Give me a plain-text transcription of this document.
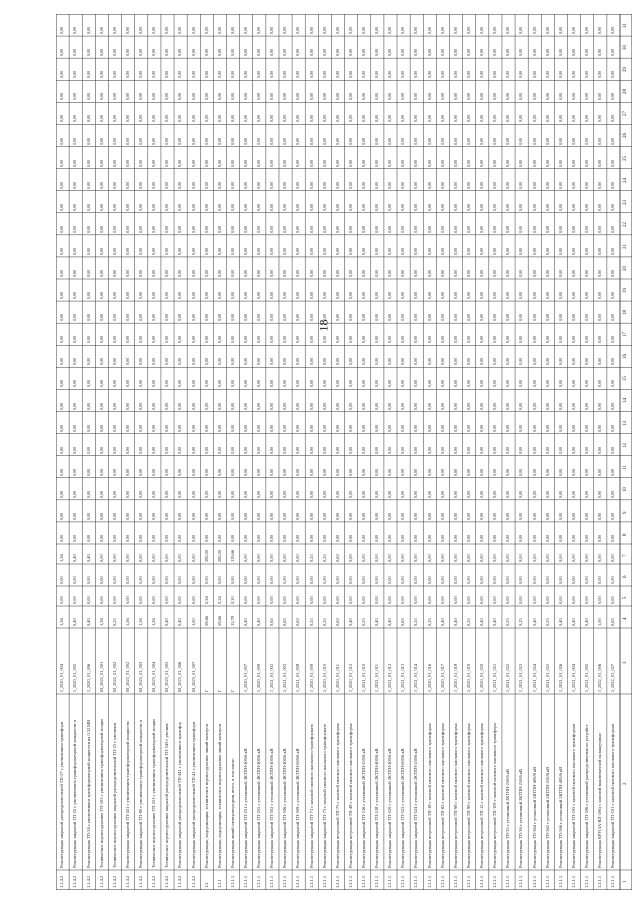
18
1
2
3
4
5
6
7
8
9
10
11
12
13
14
15
16
17
18
19
20
21
22
23
24
25
26
27
28
29
30
31
1.1.4.2
Реконструкция закрытой распределительной ТП-57 с увеличением трансформ
J_2020_01_004
1,26
0,00
0,00
1,26
0,00
0,00
0,00
0,00
0,00
0,00
0,00
0,00
0,00
0,00
0,00
0,00
0,00
0,00
0,00
0,00
0,00
0,00
0,00
0,00
0,00
0,00
0,00
0,00
1.1.4.2
Реконструкция закрытой ТП-22 с увеличением трансформаторной мощности н
J_2020_01_005
0,40
0,00
0,00
0,40
0,00
0,00
0,00
0,00
0,00
0,00
0,00
0,00
0,00
0,00
0,00
0,00
0,00
0,00
0,00
0,00
0,00
0,00
0,00
0,00
0,00
0,00
0,00
0,00
1.1.4.2
Реконструкция ТП-34 с увеличением трансформаторной мощности на 0,32 МВ
J_2020_01_006
0,40
0,00
0,00
0,40
0,00
0,00
0,00
0,00
0,00
0,00
0,00
0,00
0,00
0,00
0,00
0,00
0,00
0,00
0,00
0,00
0,00
0,00
0,00
0,00
0,00
0,00
0,00
0,00
1.1.4.2
Техническое перевооружение ТП-103 с увеличением трансформаторной мощно
M_2022_01_001
1,26
0,00
0,00
0,00
0,00
0,00
0,00
0,00
0,00
0,00
0,00
0,00
0,00
0,00
0,00
0,00
0,00
0,00
0,00
0,00
0,00
0,00
0,00
0,00
0,00
0,00
0,00
0,00
1.1.4.2
Техническое перевооружение закрытой распределительной ТП-25 с увеличен
M_2022_01_002
0,25
0,00
0,00
0,00
0,00
0,00
0,00
0,00
0,00
0,00
0,00
0,00
0,00
0,00
0,00
0,00
0,00
0,00
0,00
0,00
0,00
0,00
0,00
0,00
0,00
0,00
0,00
0,00
1.1.4.2
Реконструкция закрытой ТП-431 с увеличением трансформаторной мощности
M_2023_01_002
1,26
0,00
0,00
0,00
0,00
0,00
0,00
0,00
0,00
0,00
0,00
0,00
0,00
0,00
0,00
0,00
0,00
0,00
0,00
0,00
0,00
0,00
0,00
0,00
0,00
0,00
0,00
0,00
1.1.4.2
Реконструкция закрытой ТП-80 с увеличением трансформаторной мощности н
M_2023_01_003
1,26
0,00
0,00
0,00
0,00
0,00
0,00
0,00
0,00
0,00
0,00
0,00
0,00
0,00
0,00
0,00
0,00
0,00
0,00
0,00
0,00
0,00
0,00
0,00
0,00
0,00
0,00
0,00
1.1.4.2
Техническое перевооружение ТП-251 с увеличением трансформаторной мощно
M_2023_01_004
1,26
0,00
0,00
0,00
0,00
0,00
0,00
0,00
0,00
0,00
0,00
0,00
0,00
0,00
0,00
0,00
0,00
0,00
0,00
0,00
0,00
0,00
0,00
0,00
0,00
0,00
0,00
0,00
1.1.4.2
Техническое перевооружение закрытой распределительной ТП-543 с увеличе
M_2023_01_005
0,40
0,00
0,00
0,00
0,00
0,00
0,00
0,00
0,00
0,00
0,00
0,00
0,00
0,00
0,00
0,00
0,00
0,00
0,00
0,00
0,00
0,00
0,00
0,00
0,00
0,00
0,00
0,00
1.1.4.2
Реконструкция закрытой распределительной ТП-441 с увеличением трансфор
M_2023_01_006
0,40
0,00
0,00
0,00
0,00
0,00
0,00
0,00
0,00
0,00
0,00
0,00
0,00
0,00
0,00
0,00
0,00
0,00
0,00
0,00
0,00
0,00
0,00
0,00
0,00
0,00
0,00
0,00
1.1.4.2
Реконструкция закрытой распределительной ТП-41 с увеличением трансформ
M_2023_01_007
1,00
0,00
0,00
0,00
0,00
0,00
0,00
0,00
0,00
0,00
0,00
0,00
0,00
0,00
0,00
0,00
0,00
0,00
0,00
0,00
0,00
0,00
0,00
0,00
0,00
0,00
0,00
0,00
1.2
Реконструкция, модернизация, техническое перевооружение линий электроп
Г
59,66
0,34
0,00
282,00
0,00
0,00
0,00
0,00
0,00
0,00
0,00
0,00
0,00
0,00
0,00
0,00
0,00
0,00
0,00
0,00
0,00
0,00
0,00
0,00
0,00
0,00
0,00
0,00
1.2.1
Реконструкция, модернизация, техническое перевооружение линий электроп
Г
59,66
0,34
0,00
282,00
0,00
0,00
0,00
0,00
0,00
0,00
0,00
0,00
0,00
0,00
0,00
0,00
0,00
0,00
0,00
0,00
0,00
0,00
0,00
0,00
0,00
0,00
0,00
0,00
1.2.1.1
Реконструкция линий электропередачи, всего, в том числе:
Г
15,78
0,30
0,00
119,66
0,00
0,00
0,00
0,00
0,00
0,00
0,00
0,00
0,00
0,00
0,00
0,00
0,00
0,00
0,00
0,00
0,00
0,00
0,00
0,00
0,00
0,00
0,00
0,00
1.2.1.1
Реконструкция закрытой ТП-231 с установкой ЗКТПН-400/6 кВ
J_2020_01_007
0,40
0,00
0,00
0,00
0,00
0,00
0,00
0,00
0,00
0,00
0,00
0,00
0,00
0,00
0,00
0,00
0,00
0,00
0,00
0,00
0,00
0,00
0,00
0,00
0,00
0,00
0,00
0,00
1.2.1.1
Реконструкция закрытой ТП-255 с установкой ЗКТПН-400/6 кВ
J_2020_01_009
0,40
0,00
0,00
0,00
0,00
0,00
0,00
0,00
0,00
0,00
0,00
0,00
0,00
0,00
0,00
0,00
0,00
0,00
0,00
0,00
0,00
0,00
0,00
0,00
0,00
0,00
0,00
0,00
1.2.1.1
Реконструкция закрытой ТП-502 с установкой ЗКТПН-400/6 кВ
J_2021_01_002
0,63
0,00
0,00
0,00
0,00
0,00
0,00
0,00
0,00
0,00
0,00
0,00
0,00
0,00
0,00
0,00
0,00
0,00
0,00
0,00
0,00
0,00
0,00
0,00
0,00
0,00
0,00
0,00
1.2.1.1
Реконструкция закрытой ТП-506 с установкой ЗКТПН-400/6 кВ
J_2021_01_003
0,63
0,00
0,00
0,00
0,00
0,00
0,00
0,00
0,00
0,00
0,00
0,00
0,00
0,00
0,00
0,00
0,00
0,00
0,00
0,00
0,00
0,00
0,00
0,00
0,00
0,00
0,00
0,00
1.2.1.1
Реконструкция закрытой ТП-509 с установкой ЗКТПН-630/6 кВ
J_2021_01_008
0,63
0,00
0,00
0,00
0,00
0,00
0,00
0,00
0,00
0,00
0,00
0,00
0,00
0,00
0,00
0,00
0,00
0,00
0,00
0,00
0,00
0,00
0,00
0,00
0,00
0,00
0,00
0,00
1.2.1.1
Реконструкция закрытой ТП-71 с заменой силового масляного трансформато
J_2020_01_009
0,25
0,00
0,00
0,25
0,00
0,00
0,00
0,00
0,00
0,00
0,00
0,00
0,00
0,00
0,00
0,00
0,00
0,00
0,00
0,00
0,00
0,00
0,00
0,00
0,00
0,00
0,00
0,00
1.2.1.1
Реконструкция закрытой ТП-73 с заменой силового масляного трансформато
J_2020_01_010
0,25
0,00
0,00
0,25
0,00
0,00
0,00
0,00
0,00
0,00
0,00
0,00
0,00
0,00
0,00
0,00
0,00
0,00
0,00
0,00
0,00
0,00
0,00
0,00
0,00
0,00
0,00
0,00
1.2.1.1
Реконструкция встроенной ТП-75 с заменой силового масляного трансформа
J_2020_01_011
0,63
0,00
0,00
0,63
0,00
0,00
0,00
0,00
0,00
0,00
0,00
0,00
0,00
0,00
0,00
0,00
0,00
0,00
0,00
0,00
0,00
0,00
0,00
0,00
0,00
0,00
0,00
0,00
1.2.1.1
Реконструкция встроенной ТП-48 с заменой силового масляного трансформа
J_2020_01_012
0,40
0,00
0,00
0,00
0,00
0,00
0,00
0,00
0,00
0,00
0,00
0,00
0,00
0,00
0,00
0,00
0,00
0,00
0,00
0,00
0,00
0,00
0,00
0,00
0,00
0,00
0,00
0,00
1.2.1.1
Реконструкция закрытой ТП-516 с установкой 2КТПН-250/6 кВ
J_2021_01_010
0,25
0,00
0,00
0,00
0,00
0,00
0,00
0,00
0,00
0,00
0,00
0,00
0,00
0,00
0,00
0,00
0,00
0,00
0,00
0,00
0,00
0,00
0,00
0,00
0,00
0,00
0,00
0,00
1.2.1.1
Реконструкция закрытой ТП-518 с установкой 2КТПН-400/6 кВ
J_2021_01_011
0,40
0,00
0,00
0,00
0,00
0,00
0,00
0,00
0,00
0,00
0,00
0,00
0,00
0,00
0,00
0,00
0,00
0,00
0,00
0,00
0,00
0,00
0,00
0,00
0,00
0,00
0,00
0,00
1.2.1.1
Реконструкция закрытой ТП-520 с установкой 2КТПН-400/6 кВ
J_2021_01_012
0,40
0,00
0,00
0,00
0,00
0,00
0,00
0,00
0,00
0,00
0,00
0,00
0,00
0,00
0,00
0,00
0,00
0,00
0,00
0,00
0,00
0,00
0,00
0,00
0,00
0,00
0,00
0,00
1.2.1.1
Реконструкция закрытой ТП-522 с установкой 2КТПН-630/6 кВ
J_2021_01_013
0,63
0,00
0,00
0,00
0,00
0,00
0,00
0,00
0,00
0,00
0,00
0,00
0,00
0,00
0,00
0,00
0,00
0,00
0,00
0,00
0,00
0,00
0,00
0,00
0,00
0,00
0,00
0,00
1.2.1.1
Реконструкция закрытой ТП-524 с установкой 2КТПН-250/6 кВ
J_2021_01_014
0,25
0,00
0,00
0,00
0,00
0,00
0,00
0,00
0,00
0,00
0,00
0,00
0,00
0,00
0,00
0,00
0,00
0,00
0,00
0,00
0,00
0,00
0,00
0,00
0,00
0,00
0,00
0,00
1.2.1.1
Реконструкция встроенной ТП-18 с заменой силового масляного трансформа
J_2020_01_016
0,25
0,00
0,00
0,00
0,00
0,00
0,00
0,00
0,00
0,00
0,00
0,00
0,00
0,00
0,00
0,00
0,00
0,00
0,00
0,00
0,00
0,00
0,00
0,00
0,00
0,00
0,00
0,00
1.2.1.1
Реконструкция встроенной ТП-82 с заменой силового масляного трансформа
J_2020_01_017
0,40
0,00
0,00
0,00
0,00
0,00
0,00
0,00
0,00
0,00
0,00
0,00
0,00
0,00
0,00
0,00
0,00
0,00
0,00
0,00
0,00
0,00
0,00
0,00
0,00
0,00
0,00
0,00
1.2.1.1
Реконструкция встроенной ТП-98 с заменой силового масляного трансформа
J_2020_01_018
0,40
0,00
0,00
0,00
0,00
0,00
0,00
0,00
0,00
0,00
0,00
0,00
0,00
0,00
0,00
0,00
0,00
0,00
0,00
0,00
0,00
0,00
0,00
0,00
0,00
0,00
0,00
0,00
1.2.1.1
Реконструкция встроенной ТП-99 с заменой силового масляного трансформа
J_2020_01_019
0,25
0,00
0,00
0,00
0,00
0,00
0,00
0,00
0,00
0,00
0,00
0,00
0,00
0,00
0,00
0,00
0,00
0,00
0,00
0,00
0,00
0,00
0,00
0,00
0,00
0,00
0,00
0,00
1.2.1.1
Реконструкция встроенной ТП-12 с заменой силового масляного трансформа
J_2020_01_020
0,40
0,00
0,00
0,00
0,00
0,00
0,00
0,00
0,00
0,00
0,00
0,00
0,00
0,00
0,00
0,00
0,00
0,00
0,00
0,00
0,00
0,00
0,00
0,00
0,00
0,00
0,00
0,00
1.2.1.1
Реконструкция встроенной ТП-109 с заменой силового масляного трансформ
J_2021_01_021
0,40
0,00
0,00
0,00
0,00
0,00
0,00
0,00
0,00
0,00
0,00
0,00
0,00
0,00
0,00
0,00
0,00
0,00
0,00
0,00
0,00
0,00
0,00
0,00
0,00
0,00
0,00
0,00
1.2.1.1
Реконструкция ТП-35 с установкой 2КТПН-250/6 кВ
J_2021_01_022
0,25
0,00
0,00
0,00
0,00
0,00
0,00
0,00
0,00
0,00
0,00
0,00
0,00
0,00
0,00
0,00
0,00
0,00
0,00
0,00
0,00
0,00
0,00
0,00
0,00
0,00
0,00
0,00
1.2.1.1
Реконструкция ТП-36 с установкой 2КТПН-250/6 кВ
J_2021_01_023
0,25
0,00
0,00
0,00
0,00
0,00
0,00
0,00
0,00
0,00
0,00
0,00
0,00
0,00
0,00
0,00
0,00
0,00
0,00
0,00
0,00
0,00
0,00
0,00
0,00
0,00
0,00
0,00
1.2.1.1
Реконструкция ТП-364 с установкой 2КТПН-400/6 кВ
J_2021_01_024
0,40
0,00
0,00
0,00
0,00
0,00
0,00
0,00
0,00
0,00
0,00
0,00
0,00
0,00
0,00
0,00
0,00
0,00
0,00
0,00
0,00
0,00
0,00
0,00
0,00
0,00
0,00
0,00
1.2.1.1
Реконструкция ТП-365 с установкой 2КТПН-250/6 кВ
J_2021_01_025
0,25
0,00
0,00
0,00
0,00
0,00
0,00
0,00
0,00
0,00
0,00
0,00
0,00
0,00
0,00
0,00
0,00
0,00
0,00
0,00
0,00
0,00
0,00
0,00
0,00
0,00
0,00
0,00
1.2.1.1
Реконструкция ТП-366 с установкой 2КТПН-400/6 кВ
J_2021_01_026
0,40
0,00
0,00
0,00
0,00
0,00
0,00
0,00
0,00
0,00
0,00
0,00
0,00
0,00
0,00
0,00
0,00
0,00
0,00
0,00
0,00
0,00
0,00
0,00
0,00
0,00
0,00
0,00
1.2.1.1
Реконструкция закрытой ТП-105 с заменой силового масляного трансформат
J_2021_01_004
0,40
0,00
0,00
0,00
0,00
0,00
0,00
0,00
0,00
0,00
0,00
0,00
0,00
0,00
0,00
0,00
0,00
0,00
0,00
0,00
0,00
0,00
0,00
0,00
0,00
0,00
0,00
0,00
1.2.1.1
Реконструкция закрытой ТП-206 с установкой распределительного устройст
J_2021_01_005
0,40
0,00
0,00
0,00
0,00
0,00
0,00
0,00
0,00
0,00
0,00
0,00
0,00
0,00
0,00
0,00
0,00
0,00
0,00
0,00
0,00
0,00
0,00
0,00
0,00
0,00
0,00
0,00
1.2.1.1
Реконструкция КРУ(ЗА-ВЛ-106) с заменой выключателей на вакуумные
J_2022_01_006
1,00
0,00
0,00
0,00
0,00
0,00
0,00
0,00
0,00
0,00
0,00
0,00
0,00
0,00
0,00
0,00
0,00
0,00
0,00
0,00
0,00
0,00
0,00
0,00
0,00
0,00
0,00
0,00
1.2.1.1
Реконструкция закрытой ТП-101 с заменой силового масляного трансформат
J_2022_01_027
0,63
0,00
0,00
0,00
0,00
0,00
0,00
0,00
0,00
0,00
0,00
0,00
0,00
0,00
0,00
0,00
0,00
0,00
0,00
0,00
0,00
0,00
0,00
0,00
0,00
0,00
0,00
0,00
